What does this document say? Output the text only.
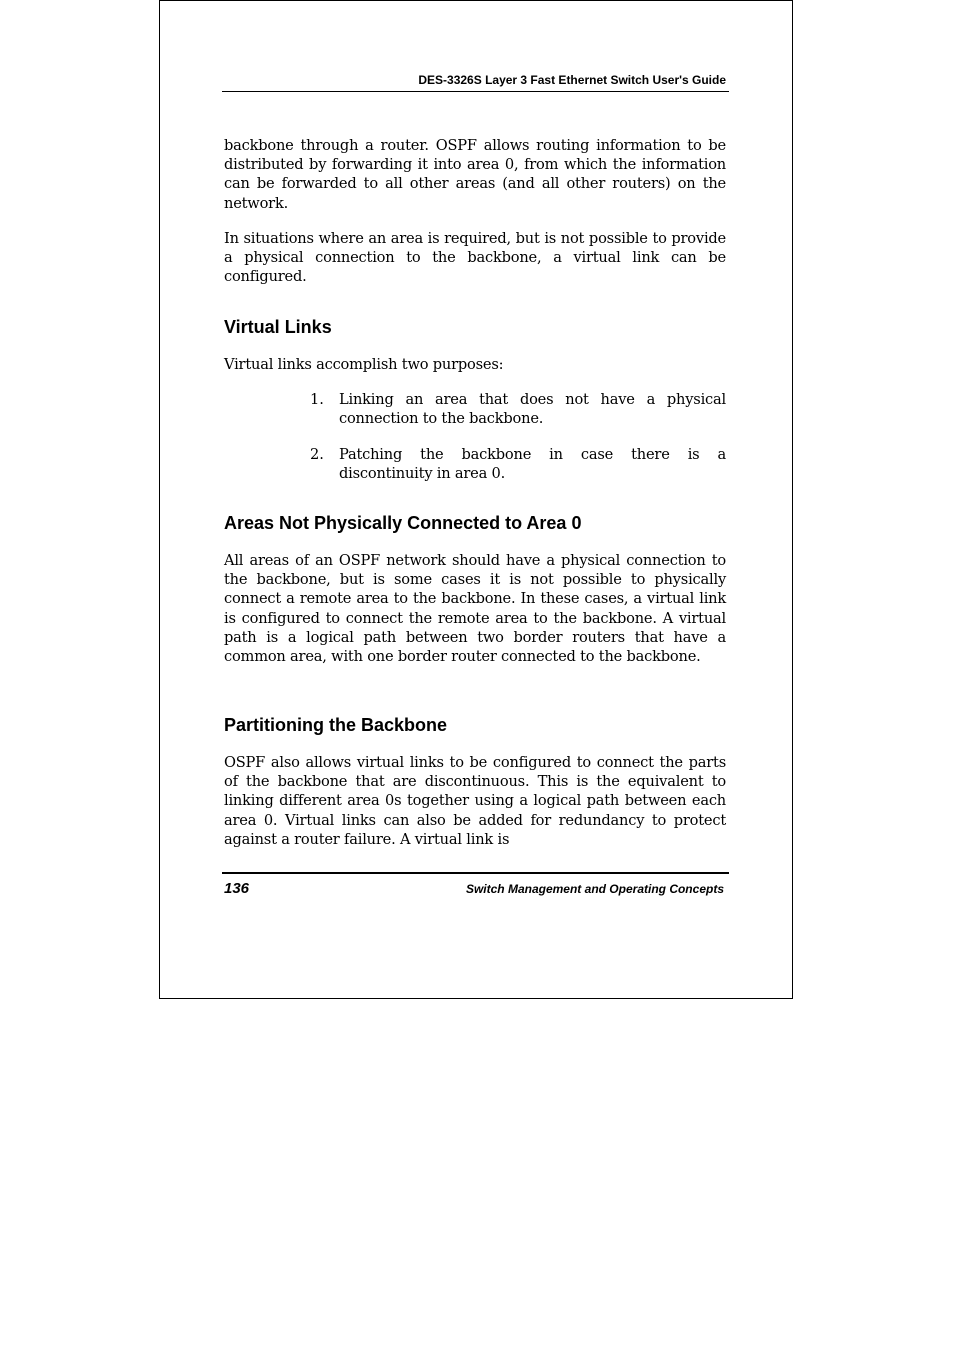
DES-3326S Layer 3 Fast Ethernet Switch User's Guide

backbone through a router. OSPF allows routing information to be distributed by forwarding it into area 0, from which the information can be forwarded to all other areas (and all other routers) on the network.

In situations where an area is required, but is not possible to provide a physical connection to the backbone, a virtual link can be configured.

Virtual Links

Virtual links accomplish two purposes:

1. Linking an area that does not have a physical connection to the backbone.

2. Patching the backbone in case there is a discontinuity in area 0.

Areas Not Physically Connected to Area 0

All areas of an OSPF network should have a physical connection to the backbone, but is some cases it is not possible to physically connect a remote area to the backbone. In these cases, a virtual link is configured to connect the remote area to the backbone. A virtual path is a logical path between two border routers that have a common area, with one border router connected to the backbone.

Partitioning the Backbone

OSPF also allows virtual links to be configured to connect the parts of the backbone that are discontinuous. This is the equivalent to linking different area 0s together using a logical path between each area 0. Virtual links can also be added for redundancy to protect against a router failure. A virtual link is

136	Switch Management and Operating Concepts
